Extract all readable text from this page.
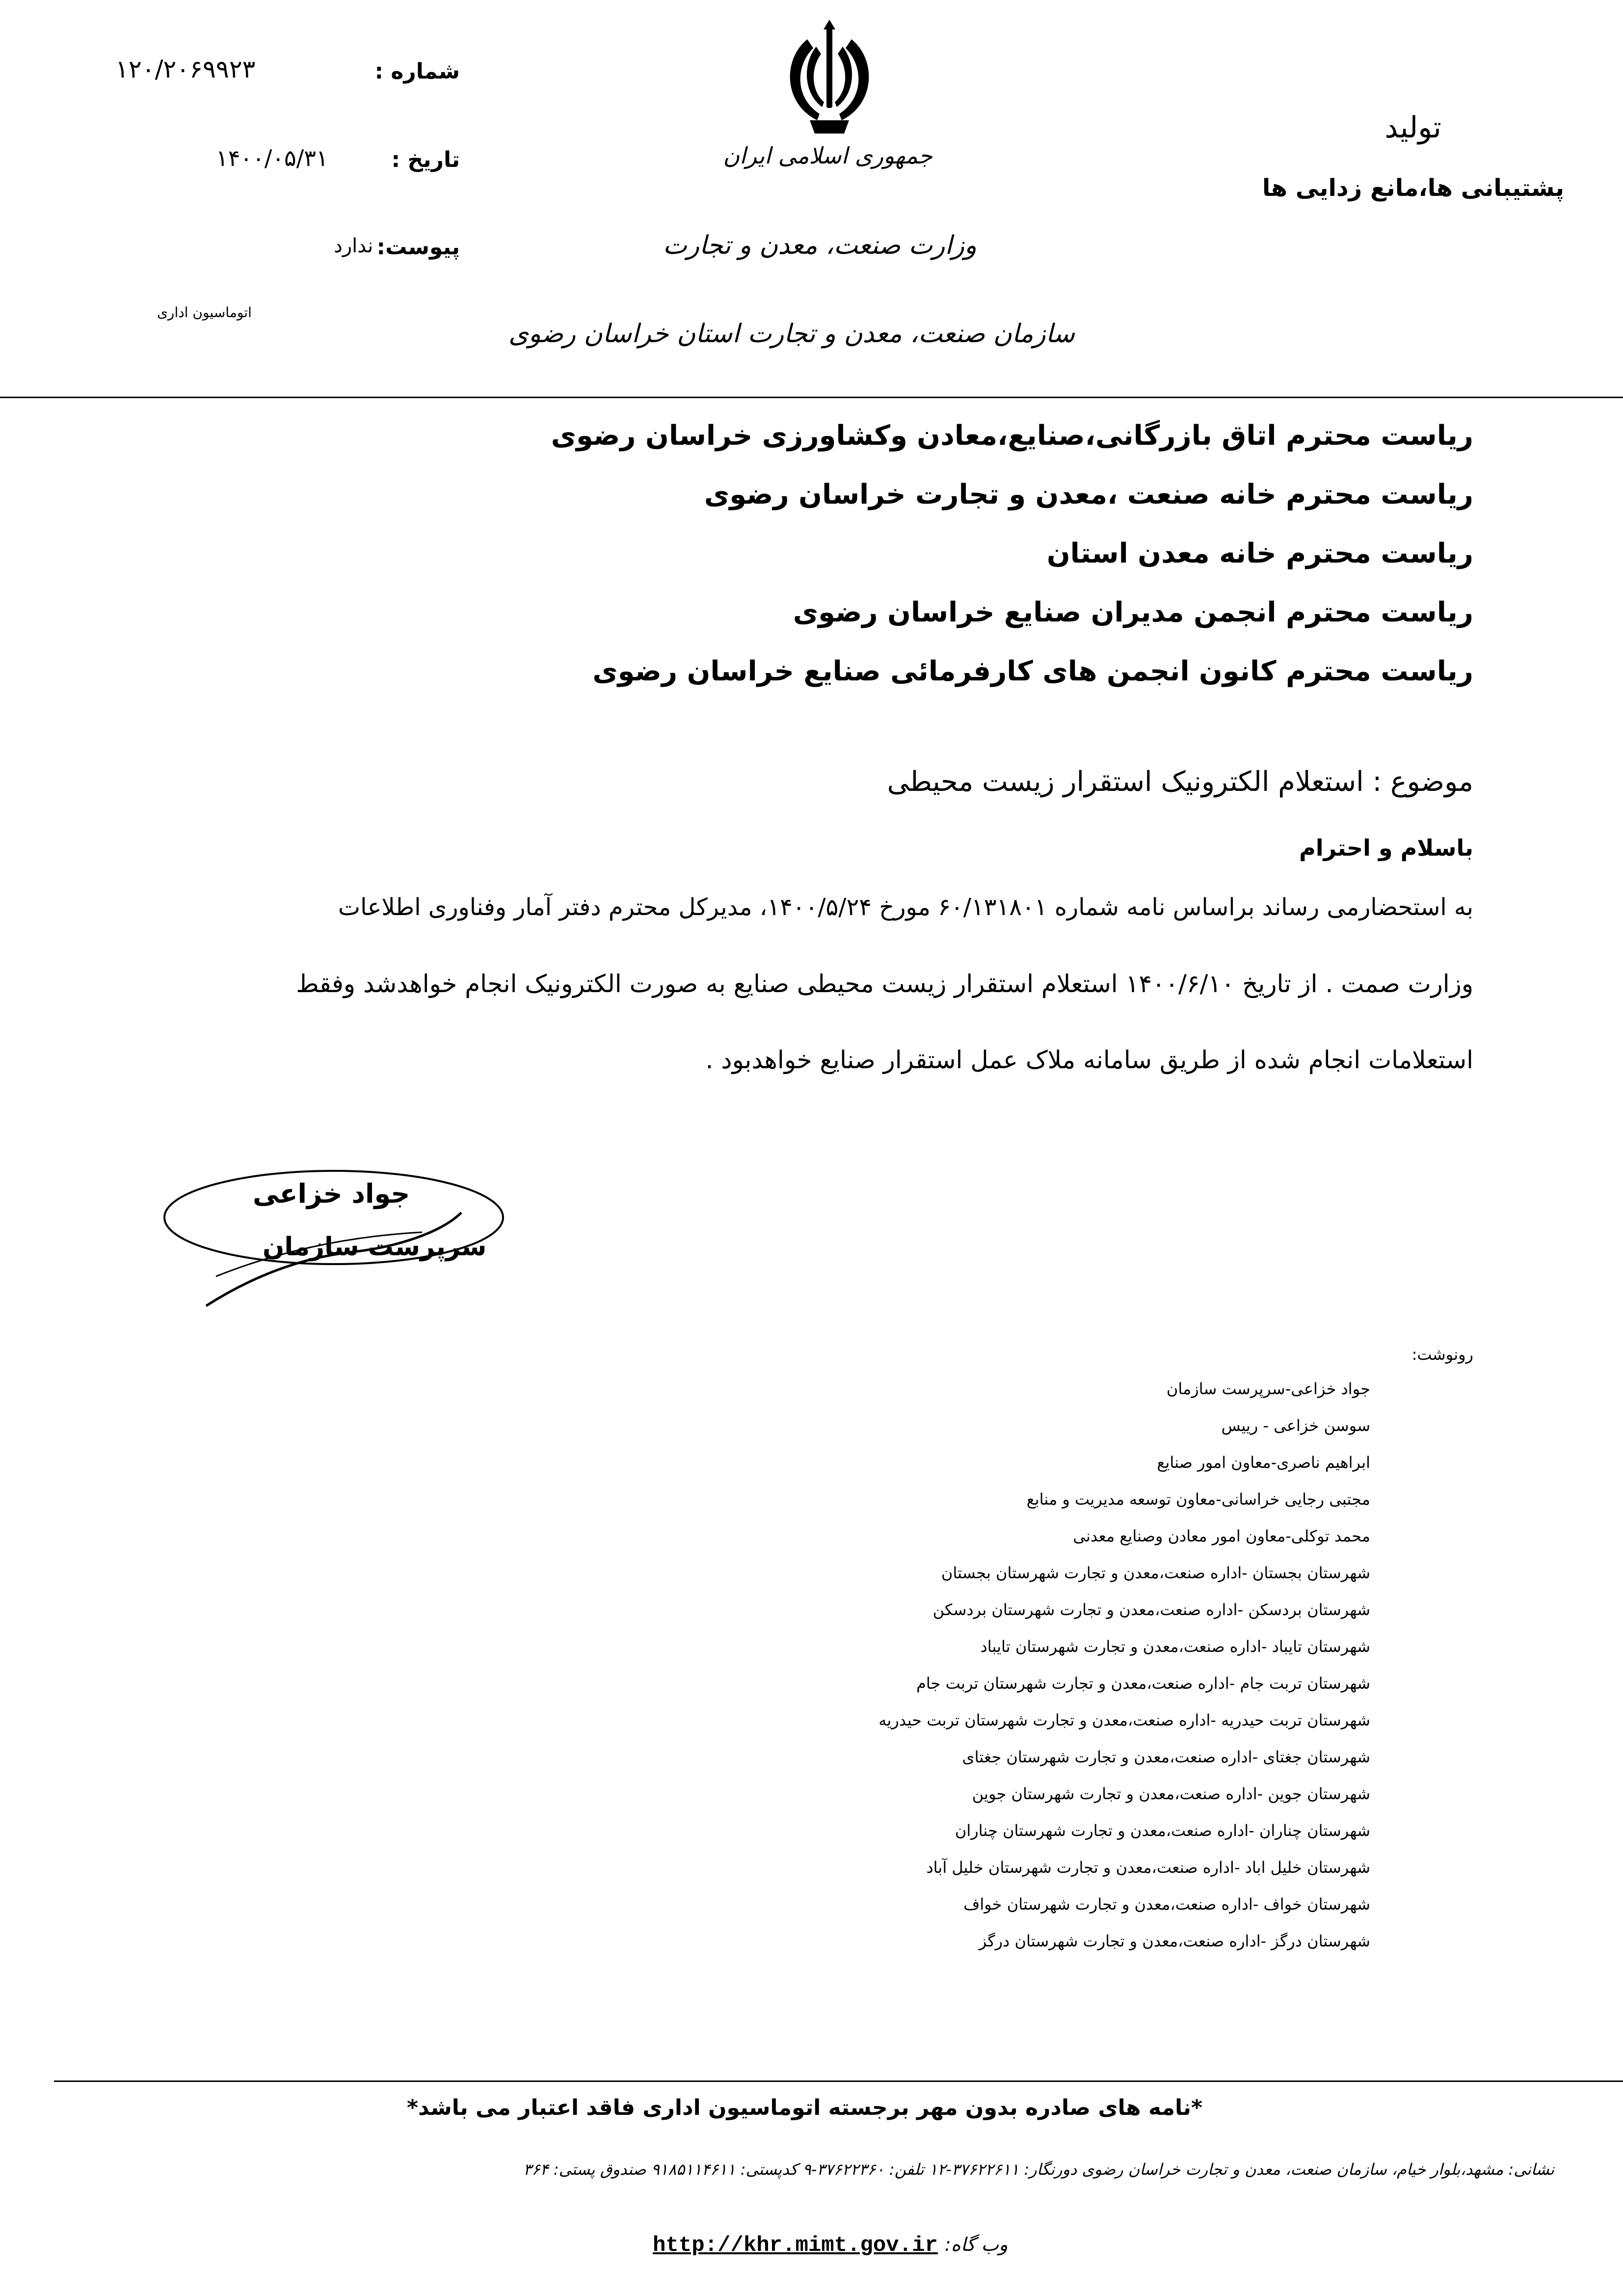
تولید
پشتیبانی ها،مانع زدایی ها
جمهوری اسلامی ایران
وزارت صنعت، معدن و تجارت
سازمان صنعت، معدن و تجارت استان خراسان رضوی
شماره :
۱۲۰/۲۰۶۹۹۲۳
تاریخ :
۱۴۰۰/۰۵/۳۱
پیوست:
ندارد
اتوماسیون اداری
ریاست محترم اتاق بازرگانی،صنایع،معادن وکشاورزی خراسان رضوی
ریاست محترم خانه صنعت ،معدن و تجارت خراسان رضوی
ریاست محترم خانه معدن استان
ریاست محترم انجمن مدیران صنایع خراسان رضوی
ریاست محترم کانون انجمن های کارفرمائی صنایع خراسان رضوی
موضوع : استعلام الکترونیک استقرار زیست محیطی
باسلام و احترام
به استحضارمی رساند براساس نامه شماره ۶۰/۱۳۱۸۰۱ مورخ ۱۴۰۰/۵/۲۴، مدیرکل محترم دفتر آمار وفناوری اطلاعات
وزارت صمت . از تاریخ ۱۴۰۰/۶/۱۰ استعلام استقرار زیست محیطی صنایع به صورت الکترونیک انجام خواهدشد وفقط
استعلامات انجام شده از طریق سامانه ملاک عمل استقرار صنایع خواهدبود .
جواد خزاعی
سرپرست سازمان
رونوشت:
جواد خزاعی-سرپرست سازمان
سوسن خزاعی - رییس
ابراهیم ناصری-معاون امور صنایع
مجتبی رجایی خراسانی-معاون توسعه مدیریت و منابع
محمد توکلی-معاون امور معادن وصنایع معدنی
شهرستان بجستان -اداره صنعت،معدن و تجارت شهرستان بجستان
شهرستان بردسکن -اداره صنعت،معدن و تجارت شهرستان بردسکن
شهرستان تایباد -اداره صنعت،معدن و تجارت شهرستان تایباد
شهرستان تربت جام -اداره صنعت،معدن و تجارت شهرستان تربت جام
شهرستان تربت حیدریه -اداره صنعت،معدن و تجارت شهرستان تربت حیدریه
شهرستان جغتای -اداره صنعت،معدن و تجارت شهرستان جغتای
شهرستان جوین -اداره صنعت،معدن و تجارت شهرستان جوین
شهرستان چناران -اداره صنعت،معدن و تجارت شهرستان چناران
شهرستان خلیل اباد -اداره صنعت،معدن و تجارت شهرستان خلیل آباد
شهرستان خواف -اداره صنعت،معدن و تجارت شهرستان خواف
شهرستان درگز -اداره صنعت،معدن و تجارت شهرستان درگز
*نامه های صادره بدون مهر برجسته اتوماسیون اداری فاقد اعتبار می باشد*
نشانی: مشهد،بلوار خیام، سازمان صنعت، معدن و تجارت خراسان رضوی دورنگار: ۳۷۶۲۲۶۱۱-۱۲ تلفن: ۳۷۶۲۲۳۶۰-۹ کدپستی: ۹۱۸۵۱۱۴۶۱۱ صندوق پستی: ۳۶۴
وب گاه: http://khr.mimt.gov.ir
